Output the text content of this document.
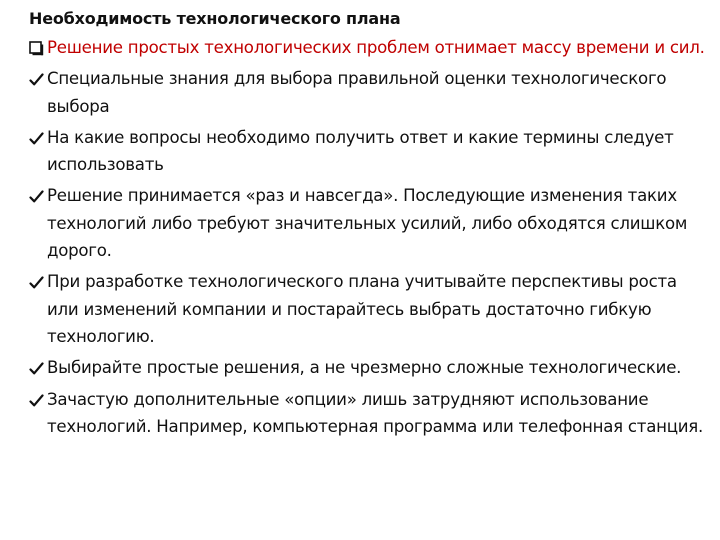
Необходимость технологического плана
Решение простых технологических проблем отнимает массу времени и сил.
Специальные знания для выбора правильной оценки технологического выбора
На какие вопросы необходимо получить ответ и какие термины следует использовать
Решение принимается «раз и навсегда». Последующие изменения таких технологий либо требуют значительных усилий, либо обходятся слишком дорого.
При разработке технологического плана учитывайте перспективы роста или изменений компании и постарайтесь выбрать достаточно гибкую технологию.
Выбирайте простые решения, а не чрезмерно сложные технологические.
Зачастую дополнительные «опции» лишь затрудняют использование технологий. Например, компьютерная программа или телефонная станция.
